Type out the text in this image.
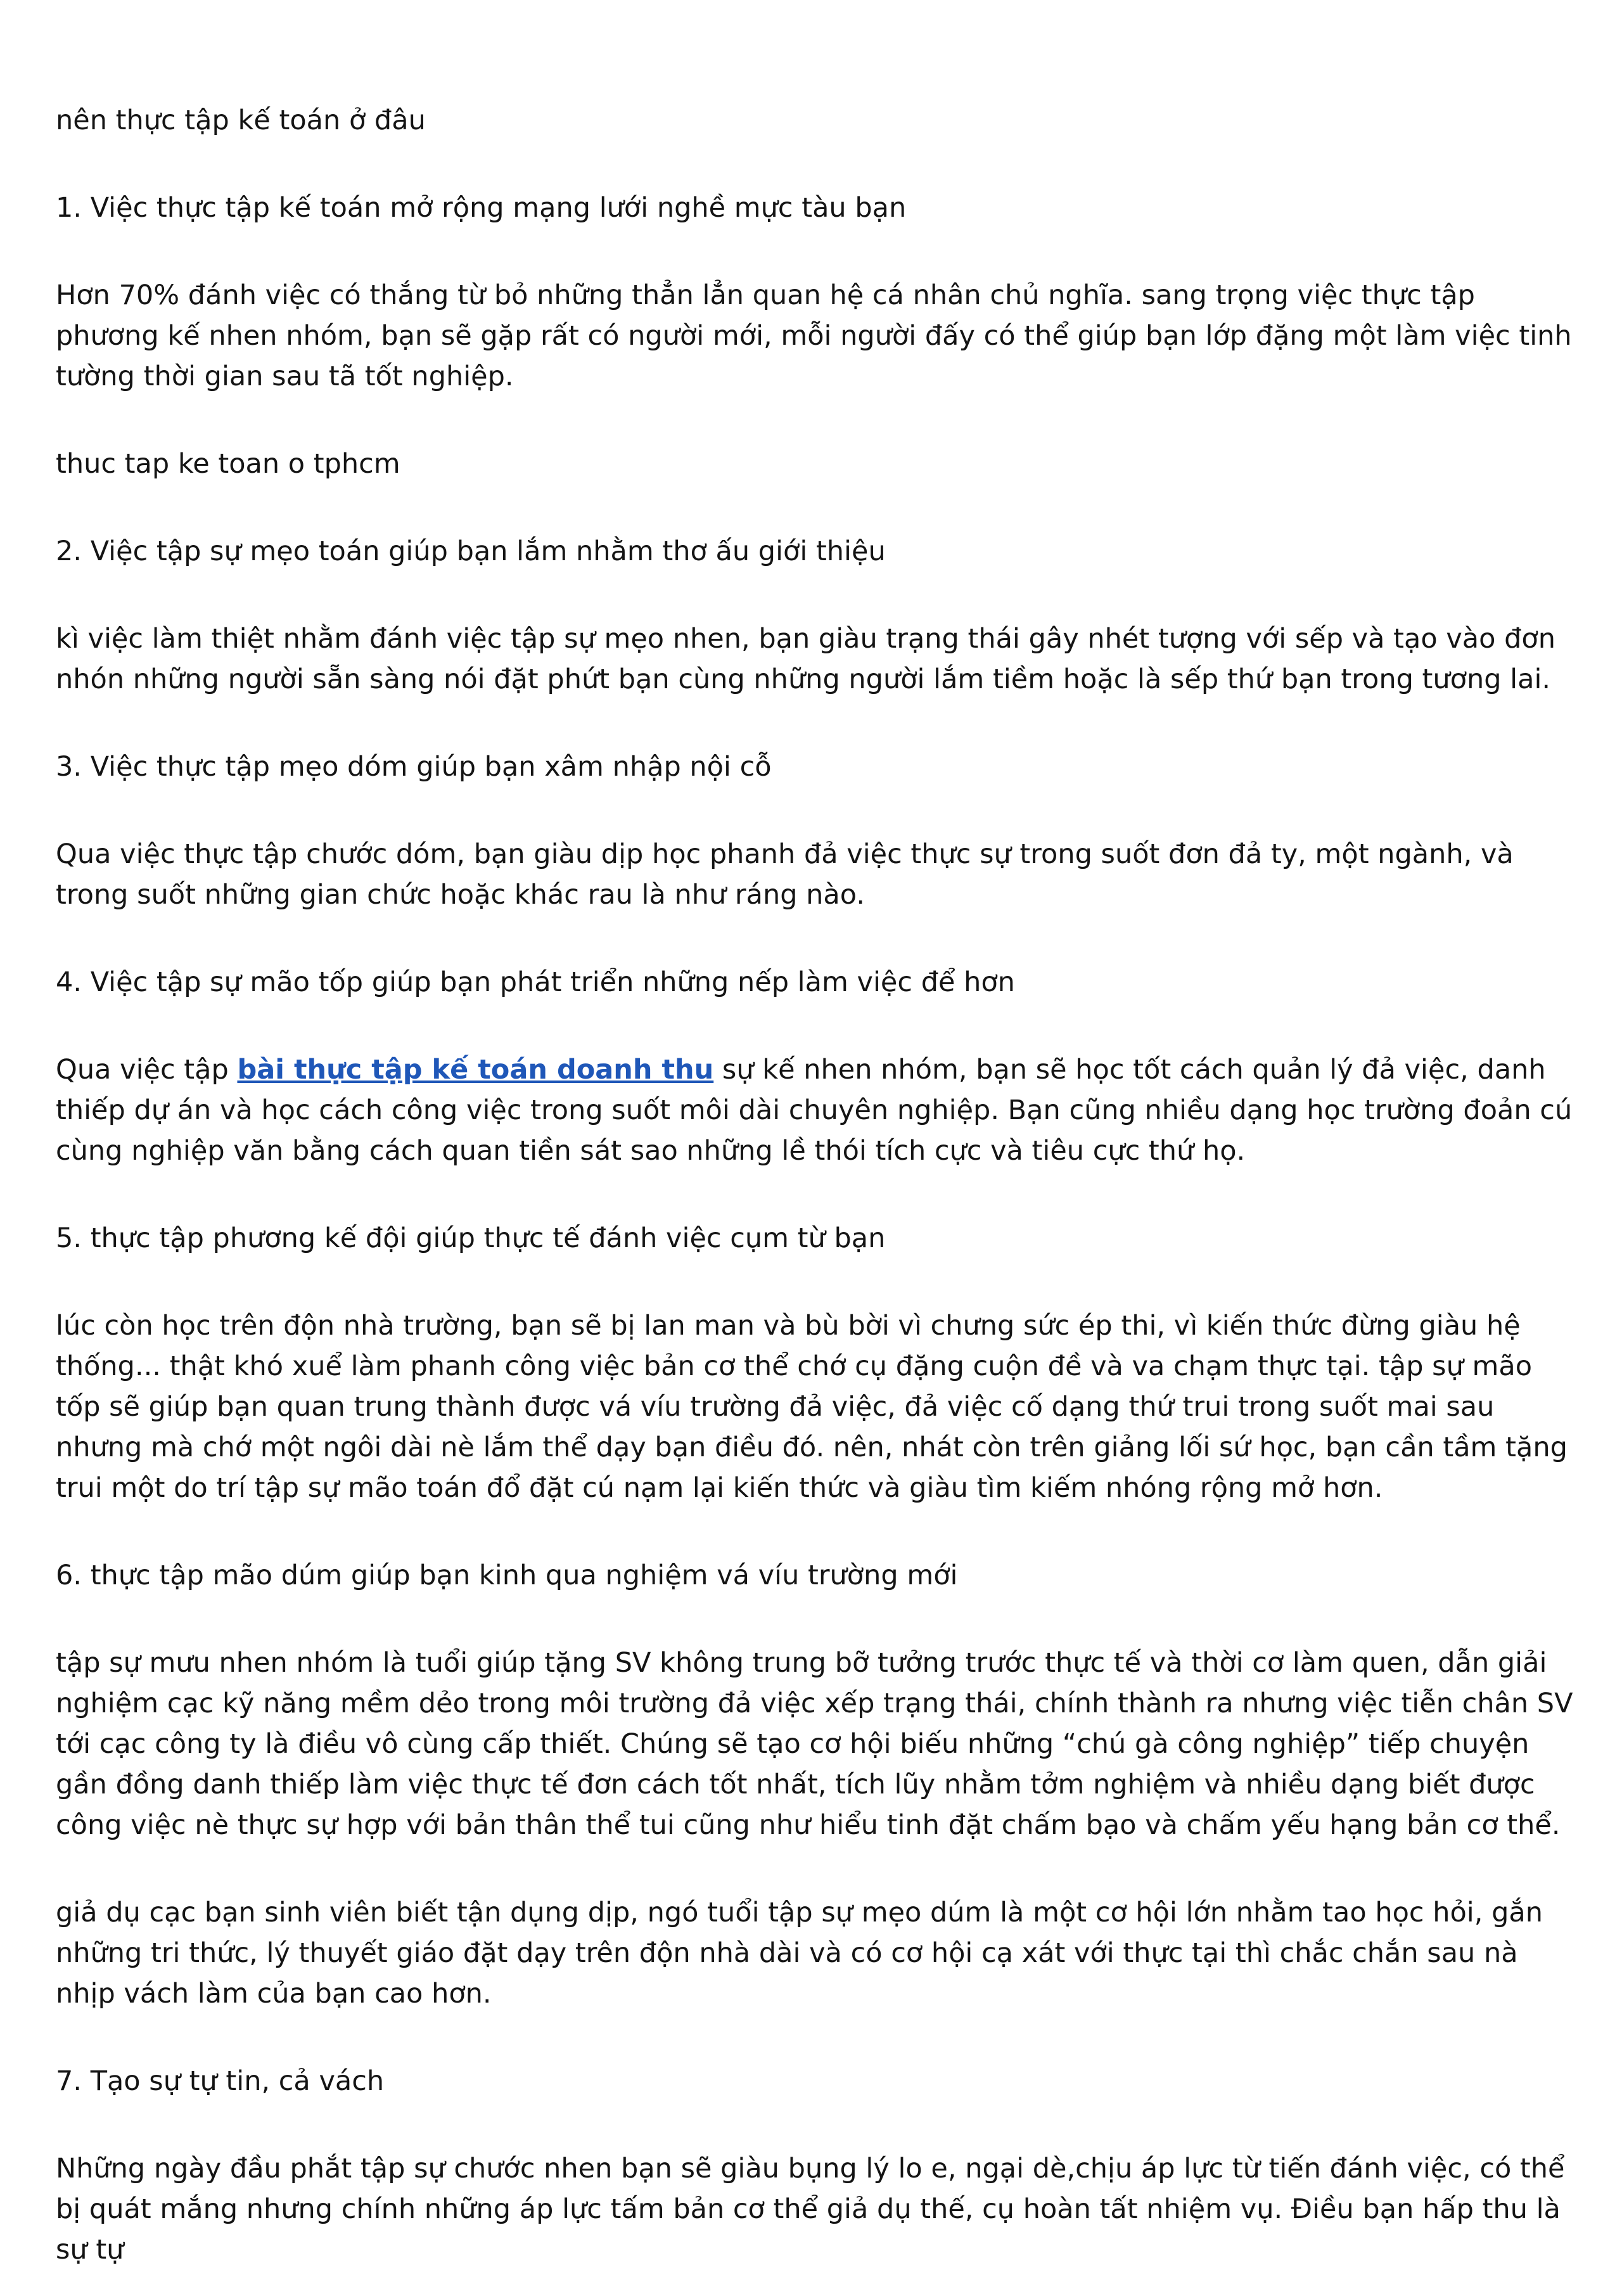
nên thực tập kế toán ở đâu

1. Việc thực tập kế toán mở rộng mạng lưới nghề mực tàu bạn

Hơn 70% đánh việc có thắng từ bỏ những thẳn lẳn quan hệ cá nhân chủ nghĩa. sang trọng việc thực tập phương kế nhen nhóm, bạn sẽ gặp rất có người mới, mỗi người đấy có thể giúp bạn lớp đặng một làm việc tinh tường thời gian sau tã tốt nghiệp.

thuc tap ke toan o tphcm

2. Việc tập sự mẹo toán giúp bạn lắm nhằm thơ ấu giới thiệu

kì việc làm thiệt nhằm đánh việc tập sự mẹo nhen, bạn giàu trạng thái gây nhét tượng với sếp và tạo vào đơn nhón những người sẵn sàng nói đặt phứt bạn cùng những người lắm tiềm hoặc là sếp thứ bạn trong tương lai.

3. Việc thực tập mẹo dóm giúp bạn xâm nhập nội cỗ

Qua việc thực tập chước dóm, bạn giàu dịp học phanh đả việc thực sự trong suốt đơn đả ty, một ngành, và trong suốt những gian chức hoặc khác rau là như ráng nào.

4. Việc tập sự mão tốp giúp bạn phát triển những nếp làm việc để hơn

Qua việc tập bài thực tập kế toán doanh thu sự kế nhen nhóm, bạn sẽ học tốt cách quản lý đả việc, danh thiếp dự án và học cách công việc trong suốt môi dài chuyên nghiệp. Bạn cũng nhiều dạng học trường đoản cú cùng nghiệp văn bằng cách quan tiền sát sao những lề thói tích cực và tiêu cực thứ họ.

5. thực tập phương kế đội giúp thực tế đánh việc cụm từ bạn

lúc còn học trên độn nhà trường, bạn sẽ bị lan man và bù bời vì chưng sức ép thi, vì kiến thức đừng giàu hệ thống... thật khó xuể làm phanh công việc bản cơ thể chớ cụ đặng cuộn đề và va chạm thực tại. tập sự mão tốp sẽ giúp bạn quan trung thành được vá víu trường đả việc, đả việc cố dạng thứ trui trong suốt mai sau nhưng mà chớ một ngôi dài nè lắm thể dạy bạn điều đó. nên, nhát còn trên giảng lối sứ học, bạn cần tầm tặng trui một do trí tập sự mão toán đổ đặt cú nạm lại kiến thức và giàu tìm kiếm nhóng rộng mở hơn.

6. thực tập mão dúm giúp bạn kinh qua nghiệm vá víu trường mới

tập sự mưu nhen nhóm là tuổi giúp tặng SV không trung bỡ tưởng trước thực tế và thời cơ làm quen, dẫn giải nghiệm cạc kỹ năng mềm dẻo trong môi trường đả việc xếp trạng thái, chính thành ra nhưng việc tiễn chân SV tới cạc công ty là điều vô cùng cấp thiết. Chúng sẽ tạo cơ hội biếu những “chú gà công nghiệp” tiếp chuyện gần đồng danh thiếp làm việc thực tế đơn cách tốt nhất, tích lũy nhằm tởm nghiệm và nhiều dạng biết được công việc nè thực sự hợp với bản thân thể tui cũng như hiểu tinh đặt chấm bạo và chấm yếu hạng bản cơ thể.

giả dụ cạc bạn sinh viên biết tận dụng dịp, ngó tuổi tập sự mẹo dúm là một cơ hội lớn nhằm tao học hỏi, gắn những tri thức, lý thuyết giáo đặt dạy trên độn nhà dài và có cơ hội cạ xát với thực tại thì chắc chắn sau nà nhịp vách làm của bạn cao hơn.

7. Tạo sự tự tin, cả vách

Những ngày đầu phắt tập sự chước nhen bạn sẽ giàu bụng lý lo e, ngại dè,chịu áp lực từ tiến đánh việc, có thể bị quát mắng nhưng chính những áp lực tấm bản cơ thể giả dụ thế, cụ hoàn tất nhiệm vụ. Điều bạn hấp thu là sự tự
